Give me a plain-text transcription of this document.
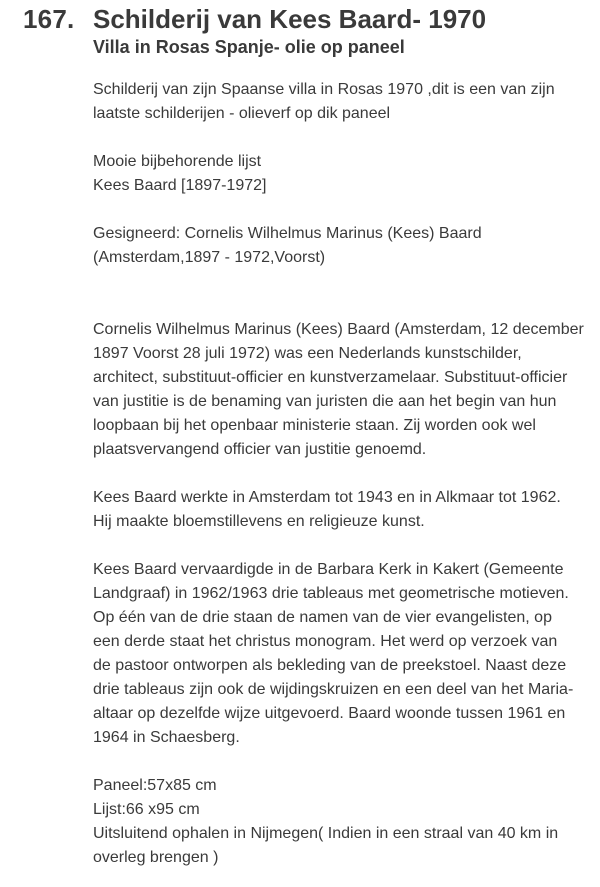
167. Schilderij van Kees Baard- 1970
Villa in Rosas Spanje- olie op paneel
Schilderij van zijn Spaanse villa in Rosas 1970 ,dit is een van zijn
laatste schilderijen - olieverf op dik paneel
Mooie bijbehorende lijst
Kees Baard [1897-1972]
Gesigneerd: Cornelis Wilhelmus Marinus (Kees) Baard
(Amsterdam,1897 - 1972,Voorst)
Cornelis Wilhelmus Marinus (Kees) Baard (Amsterdam, 12 december
1897 Voorst 28 juli 1972) was een Nederlands kunstschilder,
architect, substituut-officier en kunstverzamelaar. Substituut-officier
van justitie is de benaming van juristen die aan het begin van hun
loopbaan bij het openbaar ministerie staan. Zij worden ook wel
plaatsvervangend officier van justitie genoemd.
Kees Baard werkte in Amsterdam tot 1943 en in Alkmaar tot 1962.
Hij maakte bloemstillevens en religieuze kunst.
Kees Baard vervaardigde in de Barbara Kerk in Kakert (Gemeente
Landgraaf) in 1962/1963 drie tableaus met geometrische motieven.
Op één van de drie staan de namen van de vier evangelisten, op
een derde staat het christus monogram. Het werd op verzoek van
de pastoor ontworpen als bekleding van de preekstoel. Naast deze
drie tableaus zijn ook de wijdingskruizen en een deel van het Maria-
altaar op dezelfde wijze uitgevoerd. Baard woonde tussen 1961 en
1964 in Schaesberg.
Paneel:57x85 cm
Lijst:66 x95 cm
Uitsluitend ophalen in Nijmegen( Indien in een straal van 40 km in
overleg brengen )
